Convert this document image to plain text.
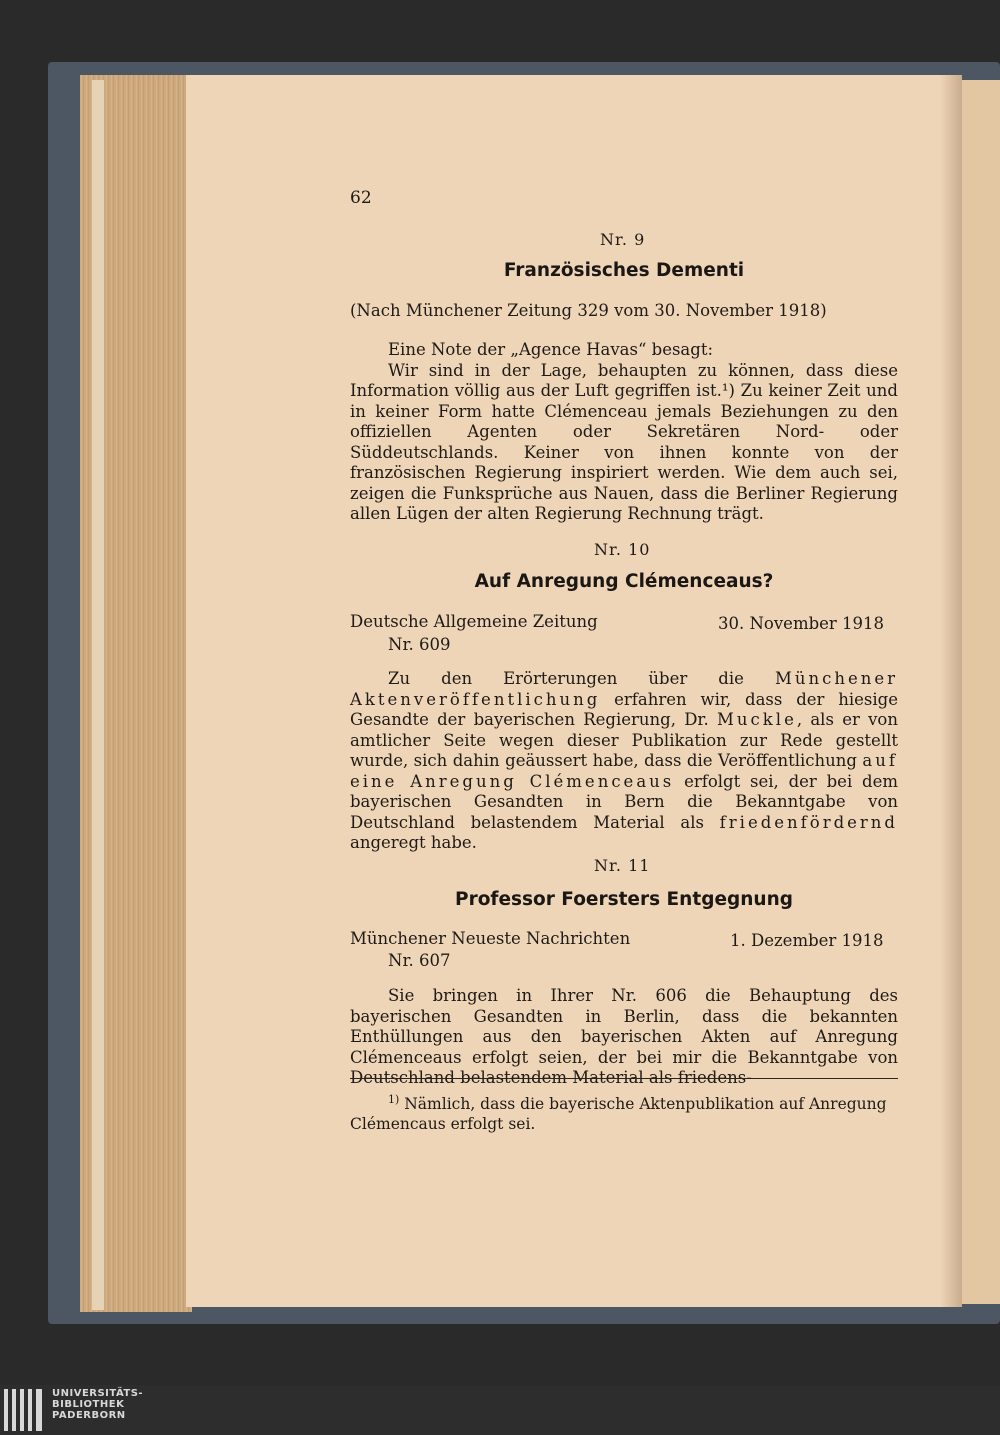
62
Nr. 9
Französisches Dementi
(Nach Münchener Zeitung 329 vom 30. November 1918)

Eine Note der „Agence Havas“ besagt:

Wir sind in der Lage, behaupten zu können, dass diese Information völlig aus der Luft gegriffen ist.¹) Zu keiner Zeit und in keiner Form hatte Clémenceau jemals Beziehungen zu den offiziellen Agenten oder Sekretären Nord- oder Süddeutschlands. Keiner von ihnen konnte von der französischen Regierung inspiriert werden. Wie dem auch sei, zeigen die Funksprüche aus Nauen, dass die Berliner Regierung allen Lügen der alten Regierung Rechnung trägt.

Nr. 10
Auf Anregung Clémenceaus?
Deutsche Allgemeine Zeitung	30. November 1918
Nr. 609

Zu den Erörterungen über die Münchener Aktenveröffentlichung erfahren wir, dass der hiesige Gesandte der bayerischen Regierung, Dr. Muckle, als er von amtlicher Seite wegen dieser Publikation zur Rede gestellt wurde, sich dahin geäussert habe, dass die Veröffentlichung auf eine Anregung Clémenceaus erfolgt sei, der bei dem bayerischen Gesandten in Bern die Bekanntgabe von Deutschland belastendem Material als friedenfördernd angeregt habe.

Nr. 11
Professor Foersters Entgegnung
Münchener Neueste Nachrichten	1. Dezember 1918
Nr. 607

Sie bringen in Ihrer Nr. 606 die Behauptung des bayerischen Gesandten in Berlin, dass die bekannten Enthüllungen aus den bayerischen Akten auf Anregung Clémenceaus erfolgt seien, der bei mir die Bekanntgabe von Deutschland belastendem Material als friedens-

$^{1)}$ Nämlich, dass die bayerische Aktenpublikation auf Anregung Clémencaus erfolgt sei.
UNIVERSITÄTS-
BIBLIOTHEK
PADERBORN
